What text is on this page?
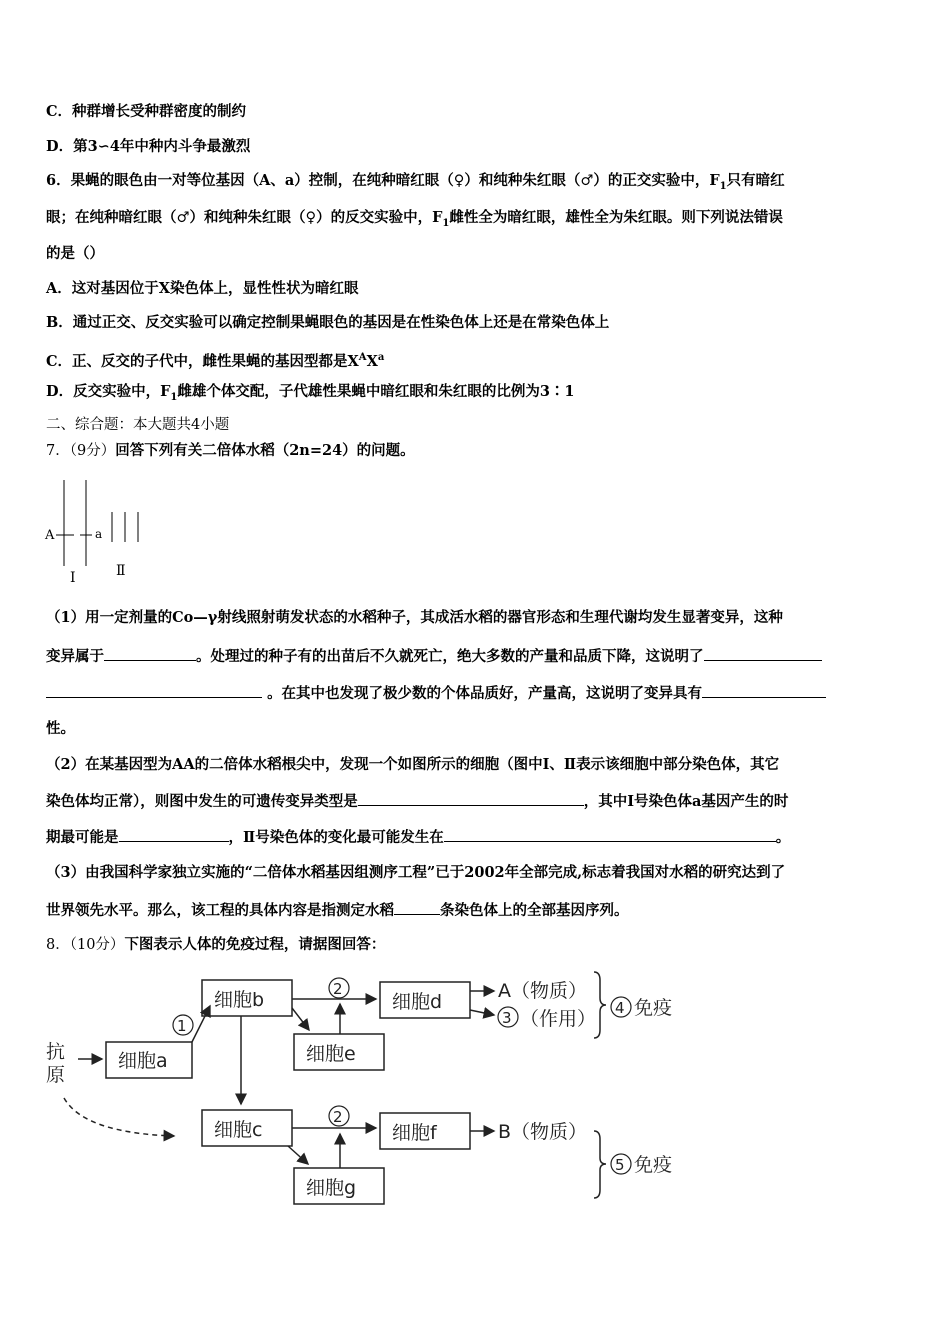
C．种群增长受种群密度的制约
D．第3∽4年中种内斗争最激烈
6．果蝇的眼色由一对等位基因（A、a）控制，在纯种暗红眼（♀）和纯种朱红眼（♂）的正交实验中，$F_1$只有暗红
眼；在纯种暗红眼（♂）和纯种朱红眼（♀）的反交实验中，$F_1$雌性全为暗红眼，雄性全为朱红眼。则下列说法错误
的是（）
A．这对基因位于X染色体上，显性性状为暗红眼
B．通过正交、反交实验可以确定控制果蝇眼色的基因是在性染色体上还是在常染色体上
C．正、反交的子代中，雌性果蝇的基因型都是$X^AX^a$
D．反交实验中，$F_1$雌雄个体交配，子代雄性果蝇中暗红眼和朱红眼的比例为3∶1
二、综合题：本大题共4小题
7．（9分）回答下列有关二倍体水稻（2n=24）的问题。
A	a
I	Ⅱ
（1）用一定剂量的Co—γ射线照射萌发状态的水稻种子，其成活水稻的器官形态和生理代谢均发生显著变异，这种
变异属于	。处理过的种子有的出苗后不久就死亡，绝大多数的产量和品质下降，这说明了
。在其中也发现了极少数的个体品质好，产量高，这说明了变异具有
性。
（2）在某基因型为AA的二倍体水稻根尖中，发现一个如图所示的细胞（图中Ⅰ、Ⅱ表示该细胞中部分染色体，其它
染色体均正常），则图中发生的可遗传变异类型是	，其中Ⅰ号染色体a基因产生的时
期最可能是	，Ⅱ号染色体的变化最可能发生在	。
（3）由我国科学家独立实施的“二倍体水稻基因组测序工程”已于2002年全部完成,标志着我国对水稻的研究达到了
世界领先水平。那么，该工程的具体内容是指测定水稻	条染色体上的全部基因序列。
8．（10分）下图表示人体的免疫过程，请据图回答：
抗
原
细胞a
1
细胞b	2
细胞e
细胞d	A（物质）
3 （作用） 4 免疫
细胞c
2
细胞g
细胞f	B（物质）
5 免疫
